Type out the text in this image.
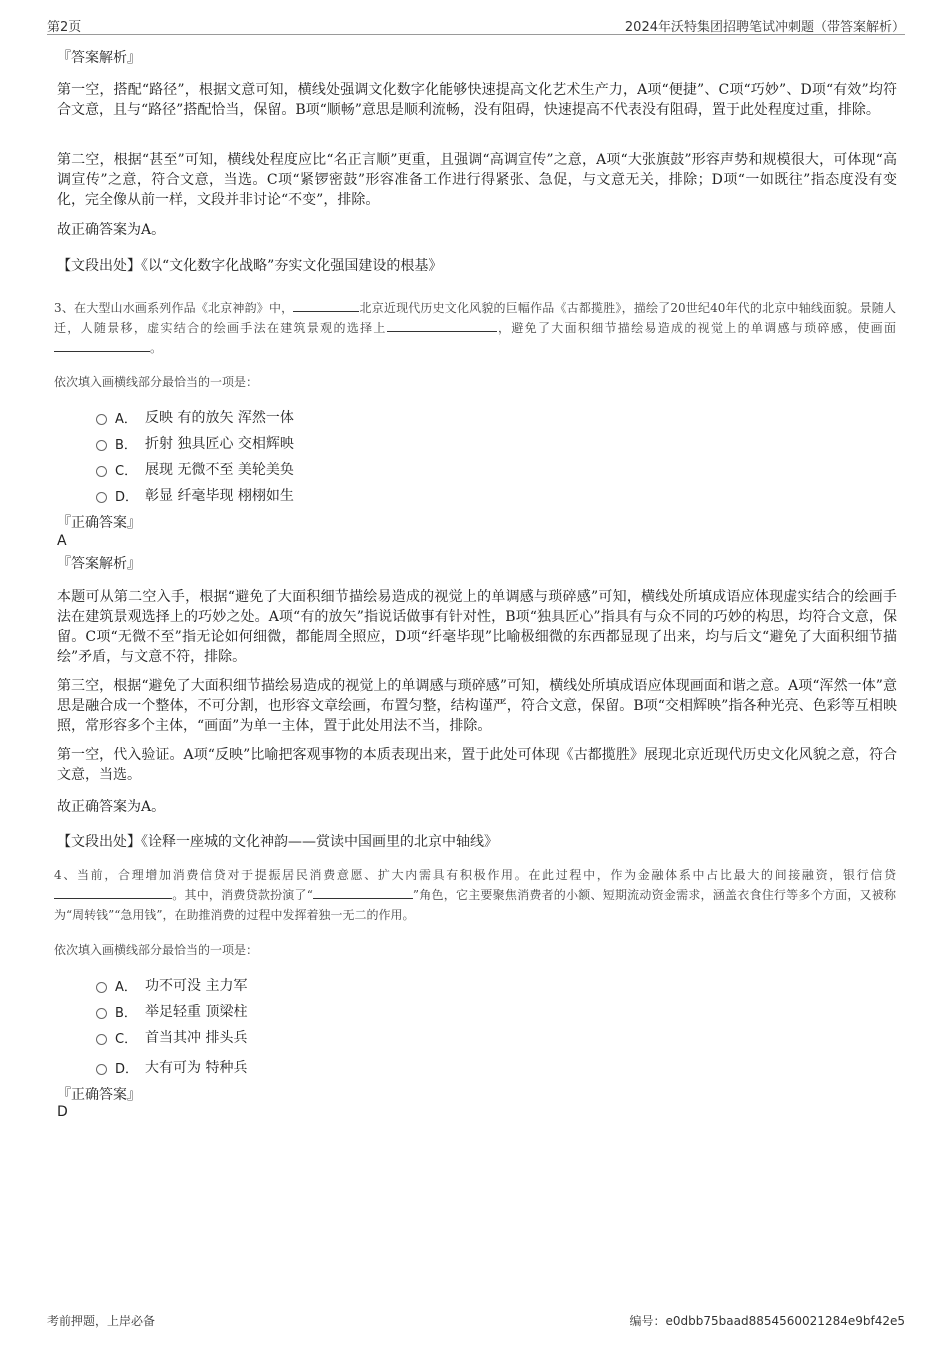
第2页	2024年沃特集团招聘笔试冲刺题（带答案解析）
『答案解析』

第一空，搭配“路径”，根据文意可知，横线处强调文化数字化能够快速提高文化艺术生产力，A项“便捷”、C项“巧妙”、D项“有效”均符合文意，且与“路径”搭配恰当，保留。B项“顺畅”意思是顺利流畅，没有阻碍，快速提高不代表没有阻碍，置于此处程度过重，排除。

第二空，根据“甚至”可知，横线处程度应比“名正言顺”更重，且强调“高调宣传”之意，A项“大张旗鼓”形容声势和规模很大，可体现“高调宣传”之意，符合文意，当选。C项“紧锣密鼓”形容准备工作进行得紧张、急促，与文意无关，排除；D项“一如既往”指态度没有变化，完全像从前一样，文段并非讨论“不变”，排除。

故正确答案为A。
【文段出处】《以“文化数字化战略”夯实文化强国建设的根基》

3、在大型山水画系列作品《北京神韵》中，	北京近现代历史文化风貌的巨幅作品《古都揽胜》，描绘了20世纪40年代的北京中轴线面貌。景随人迁，人随景移，虚实结合的绘画手法在建筑景观的选择上	，避免了大面积细节描绘易造成的视觉上的单调感与琐碎感，使画面。

依次填入画横线部分最恰当的一项是：
A． 反映 有的放矢 浑然一体
B． 折射 独具匠心 交相辉映
C． 展现 无微不至 美轮美奂
D． 彰显 纤毫毕现 栩栩如生
『正确答案』
A
『答案解析』

本题可从第二空入手，根据“避免了大面积细节描绘易造成的视觉上的单调感与琐碎感”可知，横线处所填成语应体现虚实结合的绘画手法在建筑景观选择上的巧妙之处。A项“有的放矢”指说话做事有针对性，B项“独具匠心”指具有与众不同的巧妙的构思，均符合文意，保留。C项“无微不至”指无论如何细微，都能周全照应，D项“纤毫毕现”比喻极细微的东西都显现了出来，均与后文“避免了大面积细节描绘”矛盾，与文意不符，排除。

第三空，根据“避免了大面积细节描绘易造成的视觉上的单调感与琐碎感”可知，横线处所填成语应体现画面和谐之意。A项“浑然一体”意思是融合成一个整体，不可分割，也形容文章绘画，布置匀整，结构谨严，符合文意，保留。B项“交相辉映”指各种光亮、色彩等互相映照，常形容多个主体，“画面”为单一主体，置于此处用法不当，排除。

第一空，代入验证。A项“反映”比喻把客观事物的本质表现出来，置于此处可体现《古都揽胜》展现北京近现代历史文化风貌之意，符合文意，当选。

故正确答案为A。
【文段出处】《诠释一座城的文化神韵——赏读中国画里的北京中轴线》

4、当前，合理增加消费信贷对于提振居民消费意愿、扩大内需具有积极作用。在此过程中，作为金融体系中占比最大的间接融资，银行信贷。其中，消费贷款扮演了“	”角色，它主要聚焦消费者的小额、短期流动资金需求，涵盖衣食住行等多个方面，又被称为“周转钱”“急用钱”，在助推消费的过程中发挥着独一无二的作用。

依次填入画横线部分最恰当的一项是：
A． 功不可没 主力军
B． 举足轻重 顶梁柱
C． 首当其冲 排头兵
D． 大有可为 特种兵
『正确答案』
D
考前押题，上岸必备	编号：e0dbb75baad8854560021284e9bf42e5
